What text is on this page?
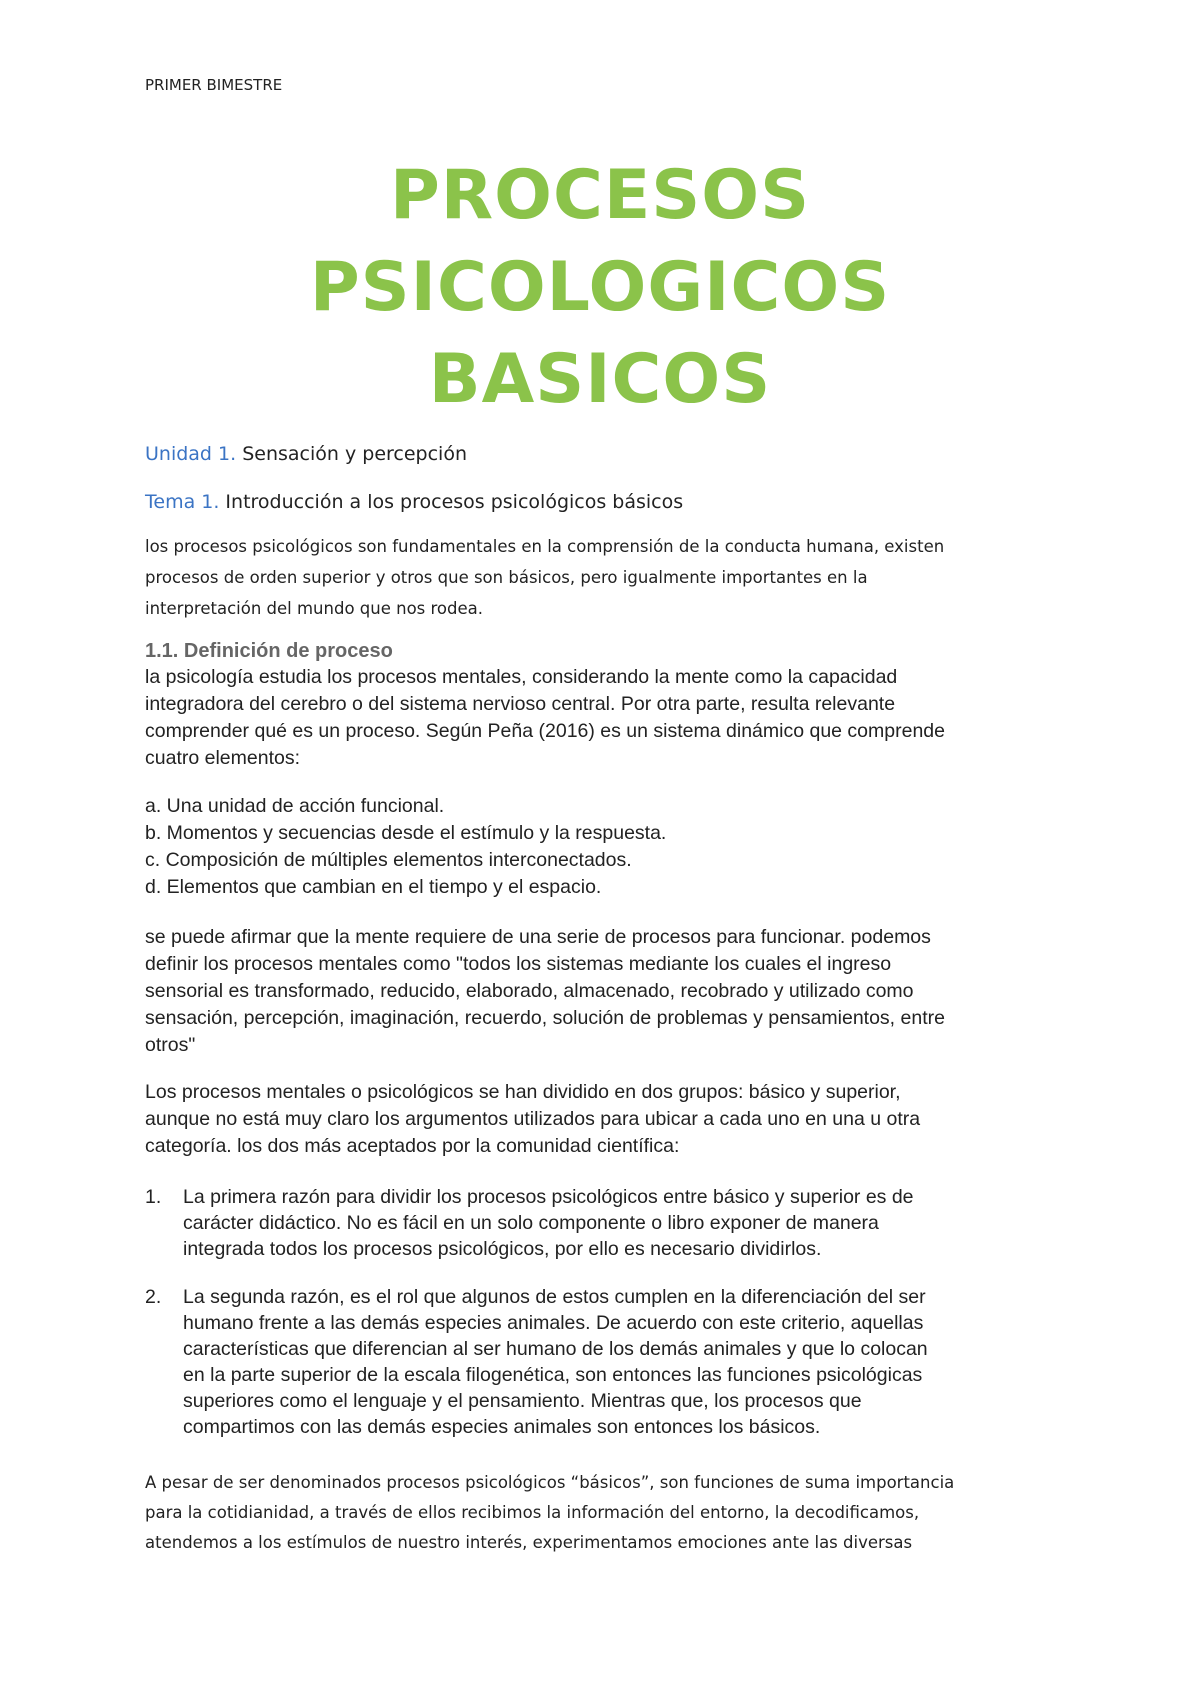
PRIMER BIMESTRE
PROCESOS
PSICOLOGICOS
BASICOS
Unidad 1. Sensación y percepción
Tema 1. Introducción a los procesos psicológicos básicos
los procesos psicológicos son fundamentales en la comprensión de la conducta humana, existen
procesos de orden superior y otros que son básicos, pero igualmente importantes en la
interpretación del mundo que nos rodea.
1.1. Definición de proceso
la psicología estudia los procesos mentales, considerando la mente como la capacidad
integradora del cerebro o del sistema nervioso central. Por otra parte, resulta relevante
comprender qué es un proceso. Según Peña (2016) es un sistema dinámico que comprende
cuatro elementos:
a. Una unidad de acción funcional.
b. Momentos y secuencias desde el estímulo y la respuesta.
c. Composición de múltiples elementos interconectados.
d. Elementos que cambian en el tiempo y el espacio.
se puede afirmar que la mente requiere de una serie de procesos para funcionar. podemos
definir los procesos mentales como "todos los sistemas mediante los cuales el ingreso
sensorial es transformado, reducido, elaborado, almacenado, recobrado y utilizado como
sensación, percepción, imaginación, recuerdo, solución de problemas y pensamientos, entre
otros"
Los procesos mentales o psicológicos se han dividido en dos grupos: básico y superior,
aunque no está muy claro los argumentos utilizados para ubicar a cada uno en una u otra
categoría. los dos más aceptados por la comunidad científica:
1. La primera razón para dividir los procesos psicológicos entre básico y superior es de
carácter didáctico. No es fácil en un solo componente o libro exponer de manera
integrada todos los procesos psicológicos, por ello es necesario dividirlos.
2. La segunda razón, es el rol que algunos de estos cumplen en la diferenciación del ser
humano frente a las demás especies animales. De acuerdo con este criterio, aquellas
características que diferencian al ser humano de los demás animales y que lo colocan
en la parte superior de la escala filogenética, son entonces las funciones psicológicas
superiores como el lenguaje y el pensamiento. Mientras que, los procesos que
compartimos con las demás especies animales son entonces los básicos.
A pesar de ser denominados procesos psicológicos “básicos”, son funciones de suma importancia
para la cotidianidad, a través de ellos recibimos la información del entorno, la decodificamos,
atendemos a los estímulos de nuestro interés, experimentamos emociones ante las diversas
